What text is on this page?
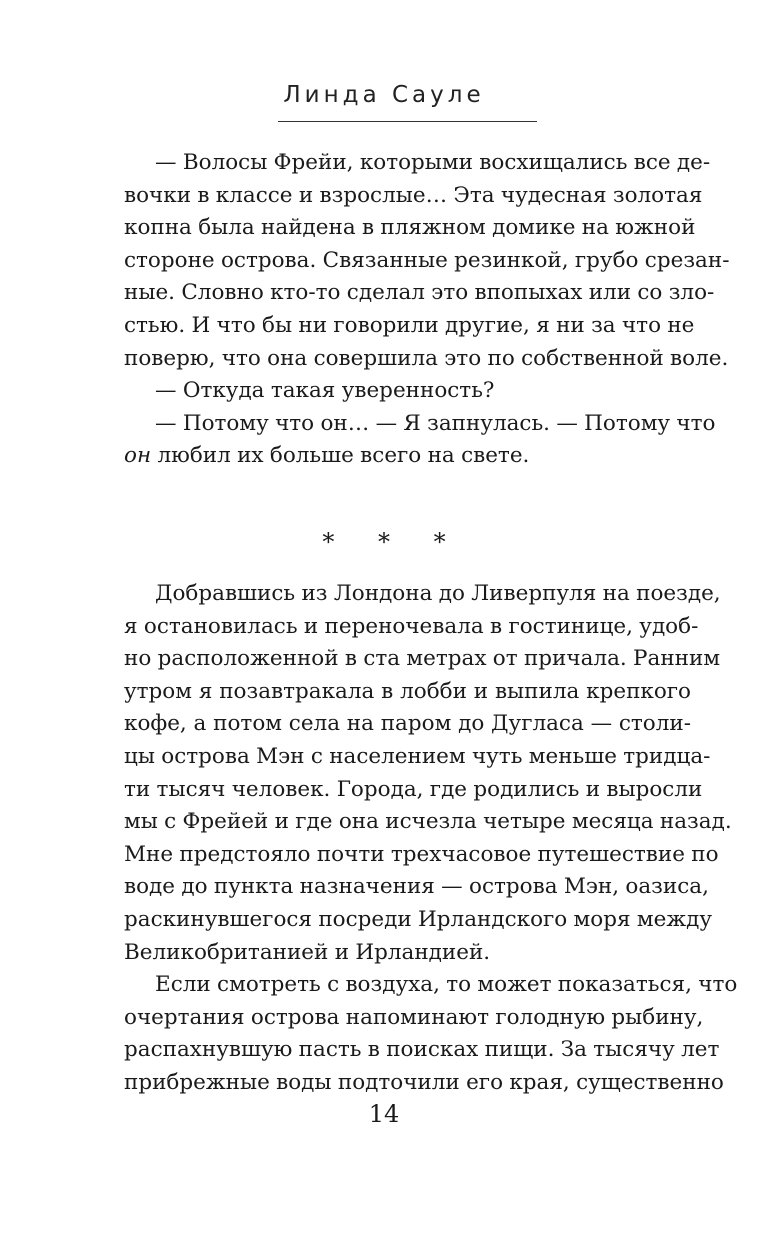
Линда Сауле
— Волосы Фрейи, которыми восхищались все де-
вочки в классе и взрослые… Эта чудесная золотая
копна была найдена в пляжном домике на южной
стороне острова. Связанные резинкой, грубо срезан-
ные. Словно кто-то сделал это впопыхах или со зло-
стью. И что бы ни говорили другие, я ни за что не
поверю, что она совершила это по собственной воле.
— Откуда такая уверенность?
— Потому что он… — Я запнулась. — Потому что
он любил их больше всего на свете.
* * *
Добравшись из Лондона до Ливерпуля на поезде,
я остановилась и переночевала в гостинице, удоб-
но расположенной в ста метрах от причала. Ранним
утром я позавтракала в лобби и выпила крепкого
кофе, а потом села на паром до Дугласа — столи-
цы острова Мэн с населением чуть меньше тридца-
ти тысяч человек. Города, где родились и выросли
мы с Фрейей и где она исчезла четыре месяца назад.
Мне предстояло почти трехчасовое путешествие по
воде до пункта назначения — острова Мэн, оазиса,
раскинувшегося посреди Ирландского моря между
Великобританией и Ирландией.
Если смотреть с воздуха, то может показаться, что
очертания острова напоминают голодную рыбину,
распахнувшую пасть в поисках пищи. За тысячу лет
прибрежные воды подточили его края, существенно
14
